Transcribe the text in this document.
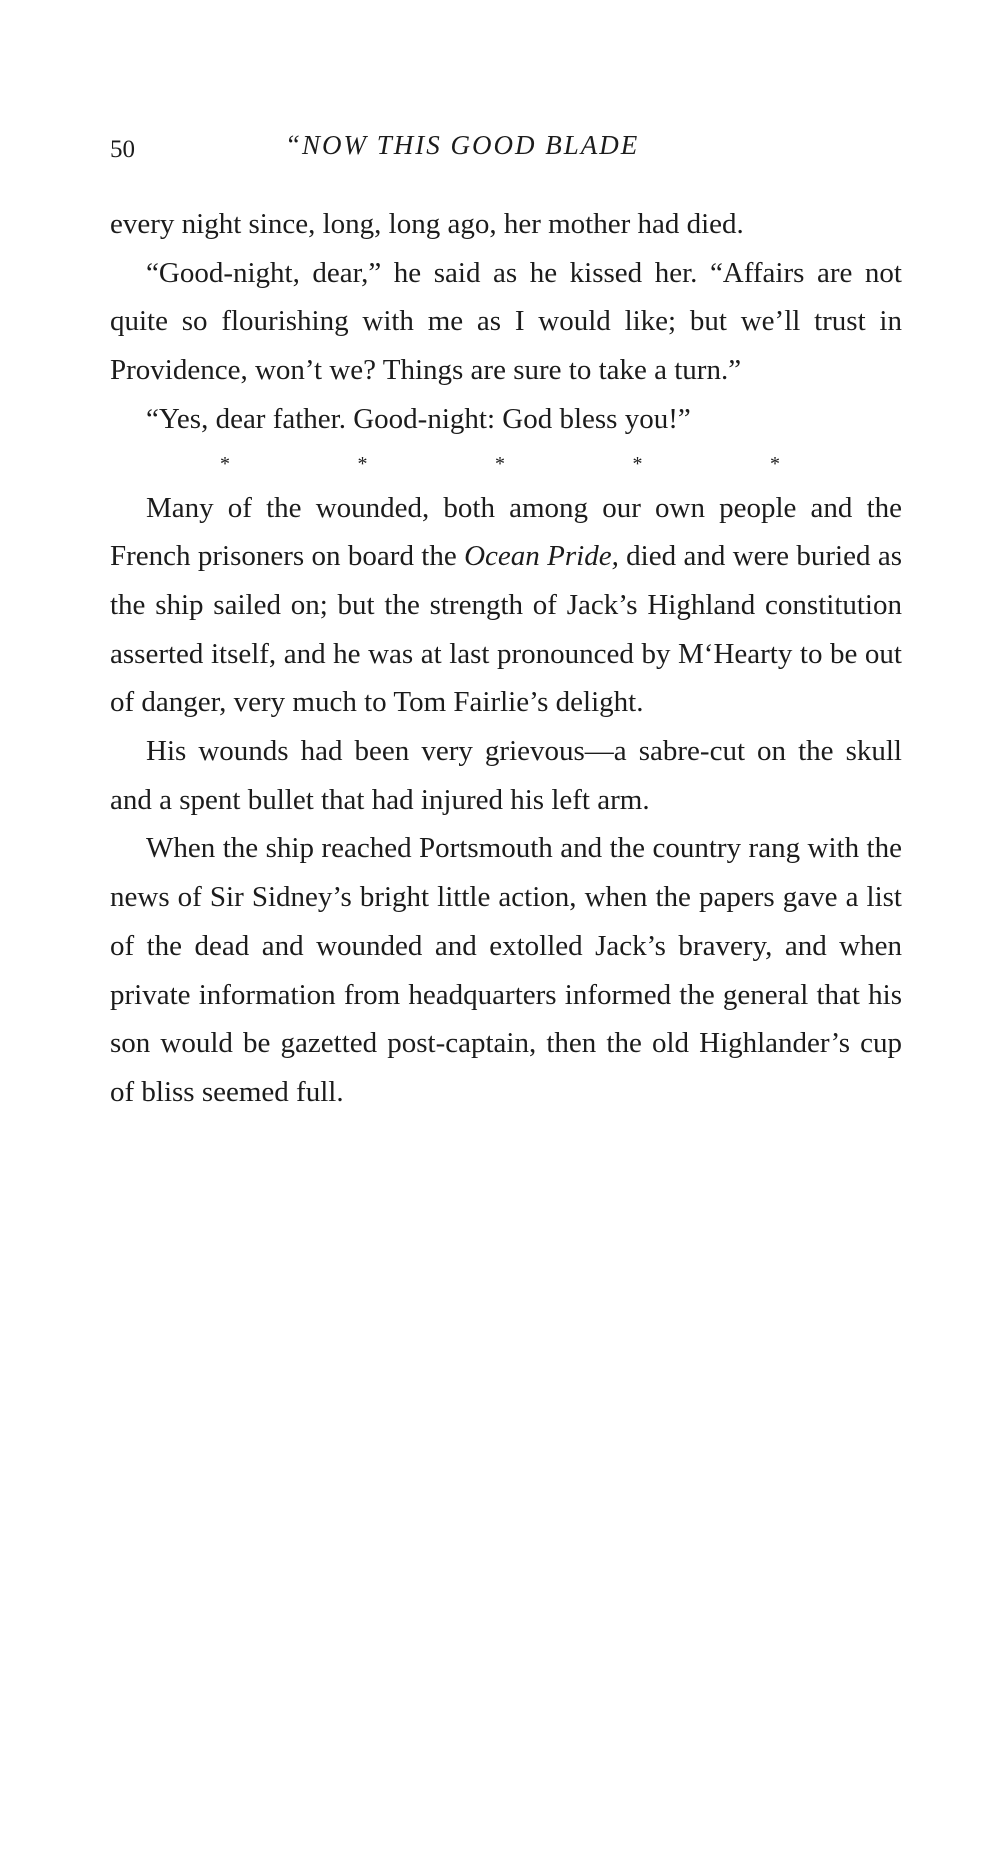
50	“NOW THIS GOOD BLADE

every night since, long, long ago, her mother had died.

“Good-night, dear,” he said as he kissed her. “Affairs are not quite so flourishing with me as I would like; but we’ll trust in Providence, won’t we? Things are sure to take a turn.”

“Yes, dear father. Good-night: God bless you!”

*	*	*	*	*

Many of the wounded, both among our own people and the French prisoners on board the Ocean Pride, died and were buried as the ship sailed on; but the strength of Jack’s Highland constitution asserted itself, and he was at last pronounced by M‘Hearty to be out of danger, very much to Tom Fairlie’s delight.

His wounds had been very grievous—a sabre-cut on the skull and a spent bullet that had injured his left arm.

When the ship reached Portsmouth and the country rang with the news of Sir Sidney’s bright little action, when the papers gave a list of the dead and wounded and extolled Jack’s bravery, and when private information from headquarters informed the general that his son would be gazetted post-captain, then the old Highlander’s cup of bliss seemed full.
